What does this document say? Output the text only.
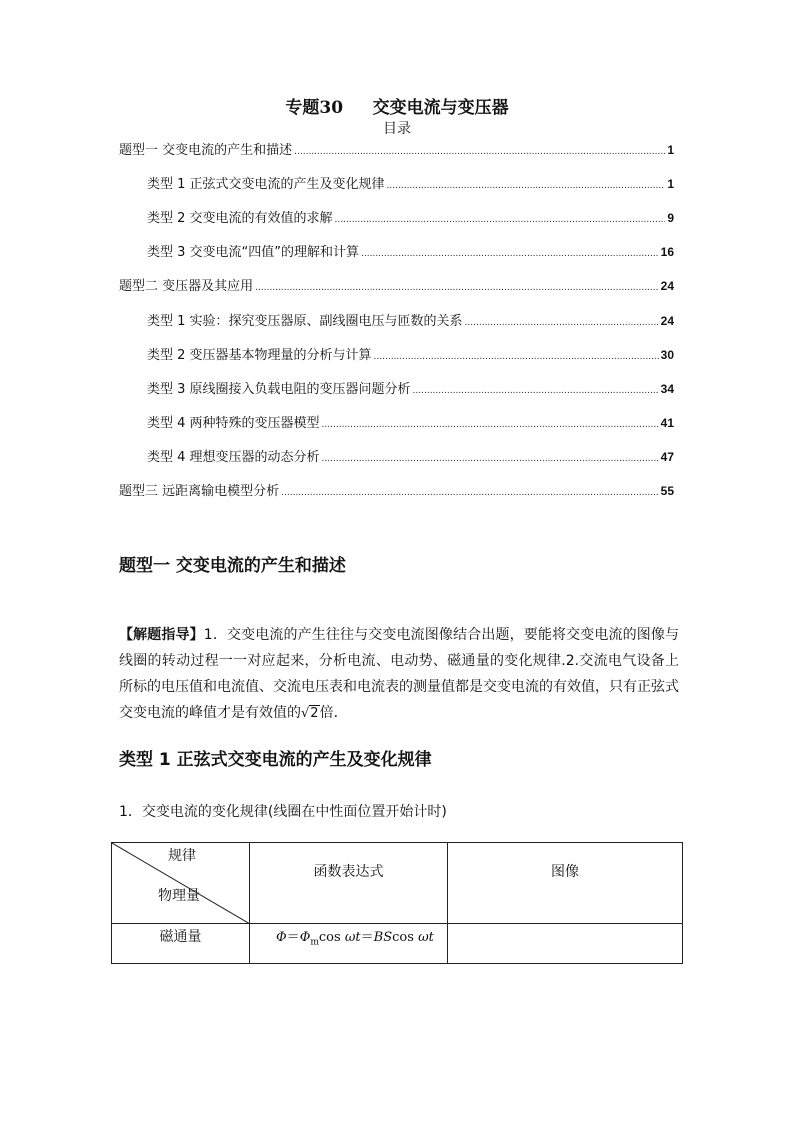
专题30     交变电流与变压器
目录
题型一 交变电流的产生和描述 .....	1
类型 1 正弦式交变电流的产生及变化规律 .....	1
类型 2 交变电流的有效值的求解 .....	9
类型 3 交变电流“四值”的理解和计算 .....	16
题型二 变压器及其应用 .....	24
类型 1 实验：探究变压器原、副线圈电压与匝数的关系 .....	24
类型 2 变压器基本物理量的分析与计算 .....	30
类型 3 原线圈接入负载电阻的变压器问题分析 .....	34
类型 4 两种特殊的变压器模型 .....	41
类型 4 理想变压器的动态分析 .....	47
题型三 远距离输电模型分析 .....	55
题型一 交变电流的产生和描述
【解题指导】1．交变电流的产生往往与交变电流图像结合出题，要能将交变电流的图像与线圈的转动过程一一对应起来，分析电流、电动势、磁通量的变化规律.2.交流电气设备上所标的电压值和电流值、交流电压表和电流表的测量值都是交变电流的有效值，只有正弦式交变电流的峰值才是有效值的√2倍．
类型 1 正弦式交变电流的产生及变化规律
1．交变电流的变化规律(线圈在中性面位置开始计时)
规律
物理量	函数表达式	图像
磁通量	$\Phi=\Phi_m\cos$ ωt＝BScos ωt	
